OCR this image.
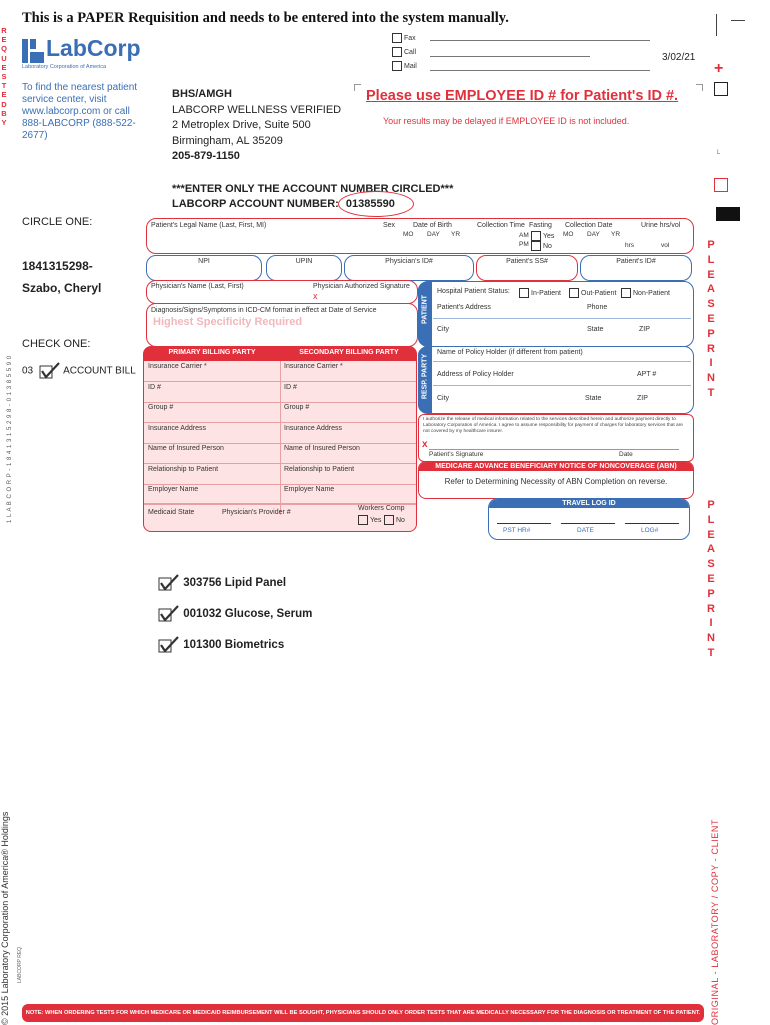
This is a PAPER Requisition and needs to be entered into the system manually.
Fax
Call
Mail
3/02/21
+
L
R E Q U E S T E D B Y
1 L A B C O R P - 1 8 4 1 3 1 5 2 9 8 - 0 1 3 8 5 5 9 0
© 2015 Laboratory Corporation of America® Holdings LABCORP REQ
P L E A S E P R I N T
P L E A S E P R I N T
ORIGINAL - LABORATORY / COPY - CLIENT
LabCorp
Laboratory Corporation of America
To find the nearest patient service center, visit www.labcorp.com or call 888-LABCORP (888-522-2677)
BHS/AMGH
LABCORP WELLNESS VERIFIED
2 Metroplex Drive, Suite 500
Birmingham, AL 35209
205-879-1150
Please use EMPLOYEE ID # for Patient's ID #.
Your results may be delayed if EMPLOYEE ID is not included.
***ENTER ONLY THE ACCOUNT NUMBER CIRCLED***
LABCORP ACCOUNT NUMBER: 01385590
CIRCLE ONE:
1841315298-
Szabo, Cheryl
CHECK ONE:
03	ACCOUNT BILL
Patient's Legal Name (Last, First, MI)	Sex	Date of Birth
MO DAY YR
Collection Time Fasting
AM
PM
Yes
No
Collection Date
MO DAY YR
Urine hrs/vol
hrs	vol
NPI	UPIN	Physician's ID#	Patient's SS#	Patient's ID#
Physician's Name (Last, First)	Physician Authorized Signature
x
Diagnosis/Signs/Symptoms in ICD-CM format in effect at Date of Service
Highest Specificity Required	PATIENT
Hospital Patient Status:	In-Patient	Out-Patient	Non-Patient
Patient's Address	Phone
City	State	ZIP
PRIMARY BILLING PARTY	SECONDARY BILLING PARTY
Insurance Carrier *	Insurance Carrier *
ID #	ID #
Group #	Group #
Insurance Address	Insurance Address
Name of Insured Person	Name of Insured Person
Relationship to Patient	Relationship to Patient
Employer Name	Employer Name
Medicaid State	Physician's Provider #
Workers Comp
Yes	No
RESP. PARTY
Name of Policy Holder (if different from patient)
Address of Policy Holder	APT #
City	State	ZIP
I authorize the release of medical information related to the services described herein and authorize payment directly to Laboratory Corporation of America. I agree to assume responsibility for payment of charges for laboratory services that are not covered by my healthcare insurer.
x
Patient's Signature	Date
MEDICARE ADVANCE BENEFICIARY NOTICE OF NONCOVERAGE (ABN)
Refer to Determining Necessity of ABN Completion on reverse.
TRAVEL LOG ID
PST HR#	DATE	LOG#
303756 Lipid Panel
001032 Glucose, Serum
101300 Biometrics
NOTE: WHEN ORDERING TESTS FOR WHICH MEDICARE OR MEDICAID REIMBURSEMENT WILL BE SOUGHT, PHYSICIANS SHOULD ONLY ORDER TESTS THAT ARE MEDICALLY NECESSARY FOR THE DIAGNOSIS OR TREATMENT OF THE PATIENT.
